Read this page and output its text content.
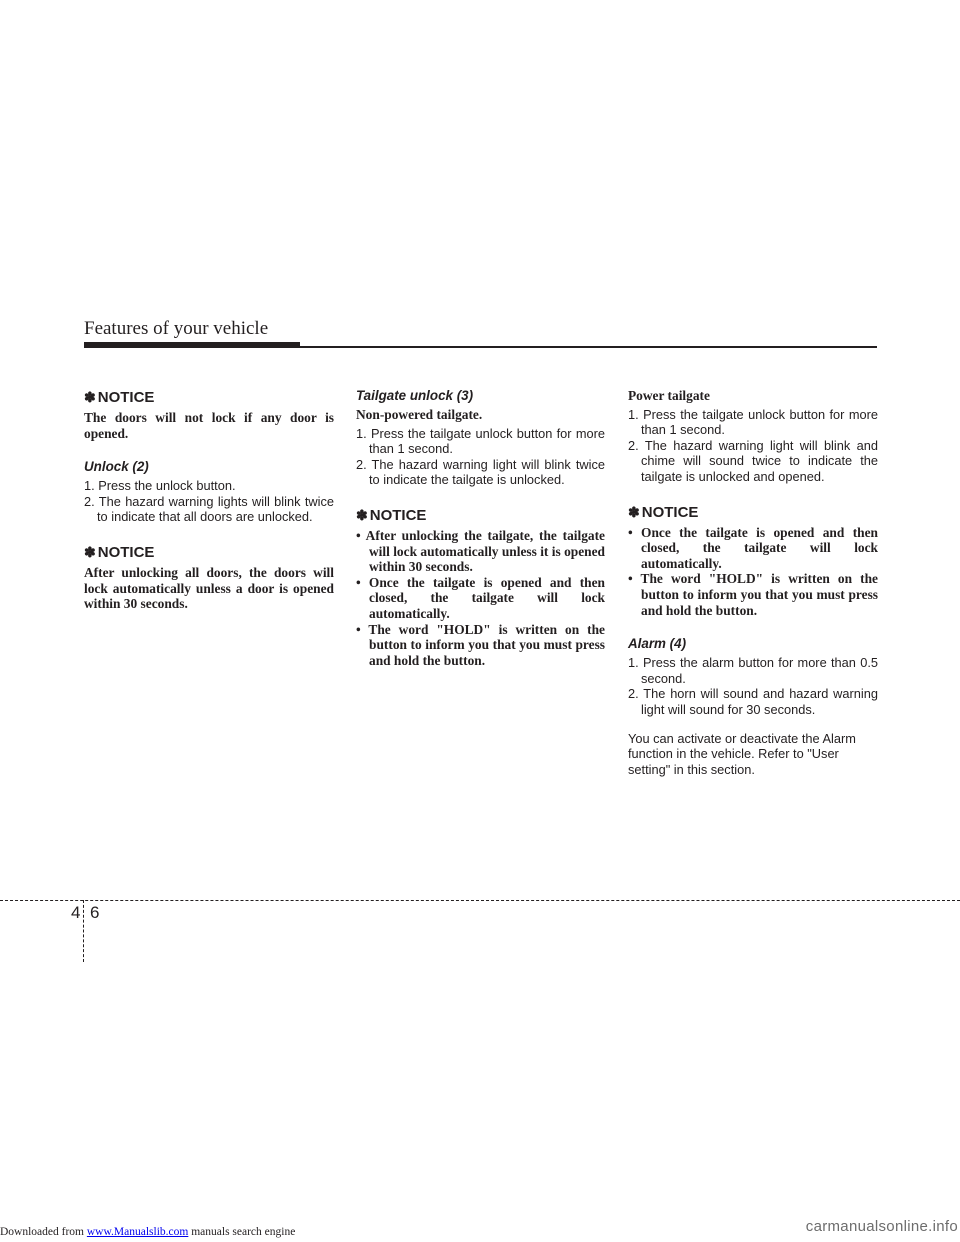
Features of your vehicle
✽ NOTICE

The doors will not lock if any door is opened.

Unlock (2)

1. Press the unlock button.

2. The hazard warning lights will blink twice to indicate that all doors are unlocked.

✽ NOTICE

After unlocking all doors, the doors will lock automatically unless a door is opened within 30 seconds.

Tailgate unlock (3)
Non-powered tailgate.

1. Press the tailgate unlock button for more than 1 second.

2. The hazard warning light will blink twice to indicate the tailgate is unlocked.

✽ NOTICE

• After unlocking the tailgate, the tailgate will lock automatically unless it is opened within 30 seconds.

• Once the tailgate is opened and then closed, the tailgate will lock automatically.

• The word "HOLD" is written on the button to inform you that you must press and hold the button.

Power tailgate

1. Press the tailgate unlock button for more than 1 second.

2. The hazard warning light will blink and chime will sound twice to indicate the tailgate is unlocked and opened.

✽ NOTICE

• Once the tailgate is opened and then closed, the tailgate will lock automatically.

• The word "HOLD" is written on the button to inform you that you must press and hold the button.

Alarm (4)

1. Press the alarm button for more than 0.5 second.

2. The horn will sound and hazard warning light will sound for 30 seconds.

You can activate or deactivate the Alarm function in the vehicle. Refer to "User setting" in this section.

4 6
Downloaded from www.Manualslib.com manuals search engine	carmanualsonline.info
